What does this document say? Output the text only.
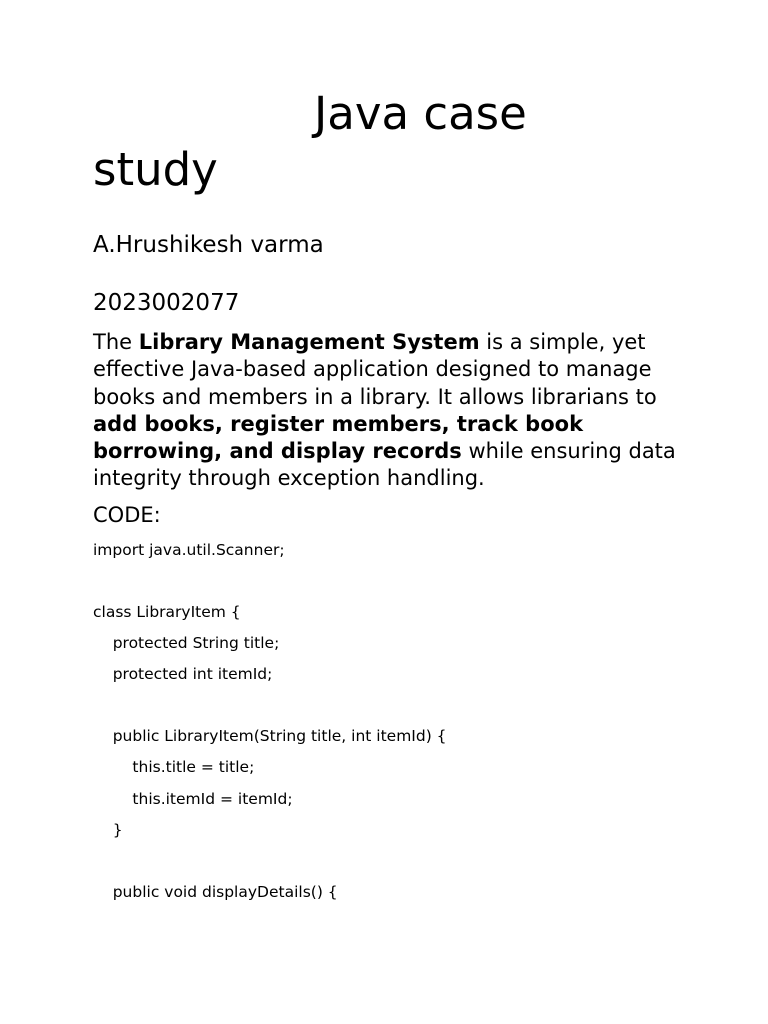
Java case
study

A.Hrushikesh varma

2023002077

The Library Management System is a simple, yet effective Java-based application designed to manage books and members in a library. It allows librarians to add books, register members, track book borrowing, and display records while ensuring data integrity through exception handling.

CODE:

import java.util.Scanner;
class LibraryItem {
protected String title;
protected int itemId;
public LibraryItem(String title, int itemId) {
this.title = title;
this.itemId = itemId;
}
public void displayDetails() {
